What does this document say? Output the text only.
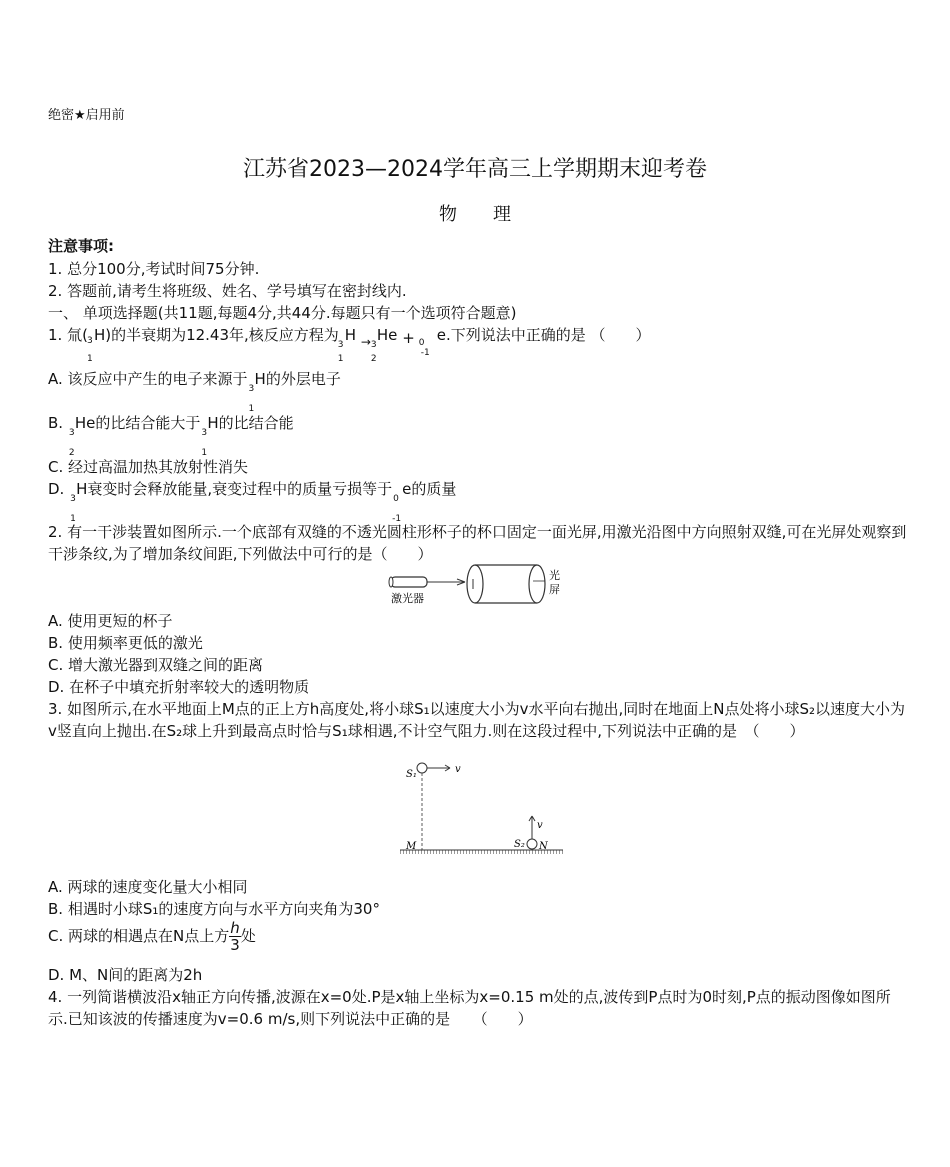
绝密★启用前
江苏省2023—2024学年高三上学期期末迎考卷
物　　理
注意事项:
1. 总分100分,考试时间75分钟.
2. 答题前,请考生将班级、姓名、学号填写在密封线内.
一、 单项选择题(共11题,每题4分,共44分.每题只有一个选项符合题意)
1. 氚( 3
1
H)的半衰期为12.43年,核反应方程为
3
1
H $_\to$ 3
2
He + 0
-1
e.下列说法中正确的是 （　　）
A. 该反应中产生的电子来源于
3
1
H的外层电子
B.
3
2
He的比结合能大于
3
1
H的比结合能
C. 经过高温加热其放射性消失
D.
3
1
H衰变时会释放能量,衰变过程中的质量亏损等于
0
-1
e的质量
2. 有一干涉装置如图所示.一个底部有双缝的不透光圆柱形杯子的杯口固定一面光屏,用激光沿图中方向照射双缝,可在光屏处观察到干涉条纹,为了增加条纹间距,下列做法中可行的是（　　）
激光器
光
屏
A. 使用更短的杯子
B. 使用频率更低的激光
C. 增大激光器到双缝之间的距离
D. 在杯子中填充折射率较大的透明物质
3. 如图所示,在水平地面上M点的正上方h高度处,将小球S₁以速度大小为v水平向右抛出,同时在地面上N点处将小球S₂以速度大小为v竖直向上抛出.在S₂球上升到最高点时恰与S₁球相遇,不计空气阻力.则在这段过程中,下列说法中正确的是　（　　）
S₁	v
v
S₂
M	N
A. 两球的速度变化量大小相同
B. 相遇时小球S₁的速度方向与水平方向夹角为30°
C. 两球的相遇点在N点上方 $\frac{h}{3}$ 处
D. M、N间的距离为2h
4. 一列简谐横波沿x轴正方向传播,波源在x=0处.P是x轴上坐标为x=0.15 m处的点,波传到P点时为0时刻,P点的振动图像如图所示.已知该波的传播速度为v=0.6 m/s,则下列说法中正确的是　　（　　）
